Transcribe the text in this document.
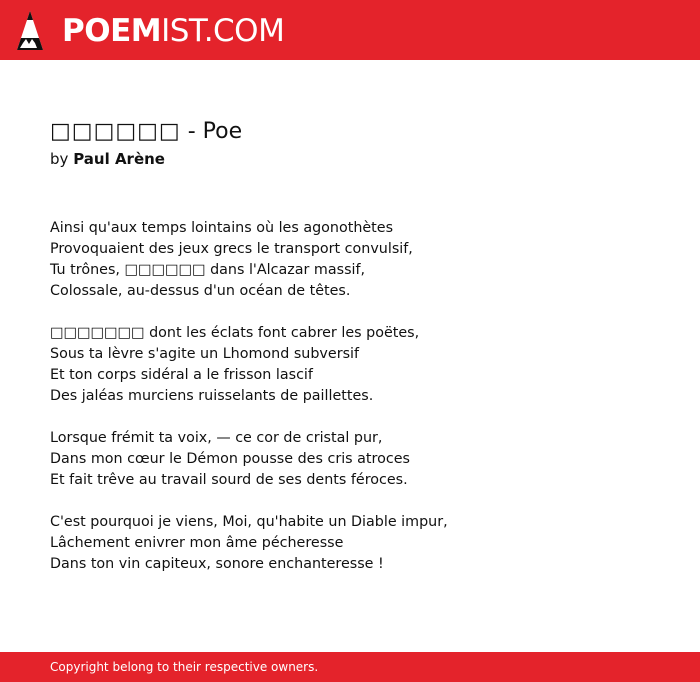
POEMIST.COM
□□□□□□ - Poe
by Paul Arène
Ainsi qu'aux temps lointains où les agonothètes
Provoquaient des jeux grecs le transport convulsif,
Tu trônes, □□□□□□ dans l'Alcazar massif,
Colossale, au-dessus d'un océan de têtes.
□□□□□□□ dont les éclats font cabrer les poëtes,
Sous ta lèvre s'agite un Lhomond subversif
Et ton corps sidéral a le frisson lascif
Des jaléas murciens ruisselants de paillettes.
Lorsque frémit ta voix, — ce cor de cristal pur,
Dans mon cœur le Démon pousse des cris atroces
Et fait trêve au travail sourd de ses dents féroces.
C'est pourquoi je viens, Moi, qu'habite un Diable impur,
Lâchement enivrer mon âme pécheresse
Dans ton vin capiteux, sonore enchanteresse !
Copyright belong to their respective owners.
